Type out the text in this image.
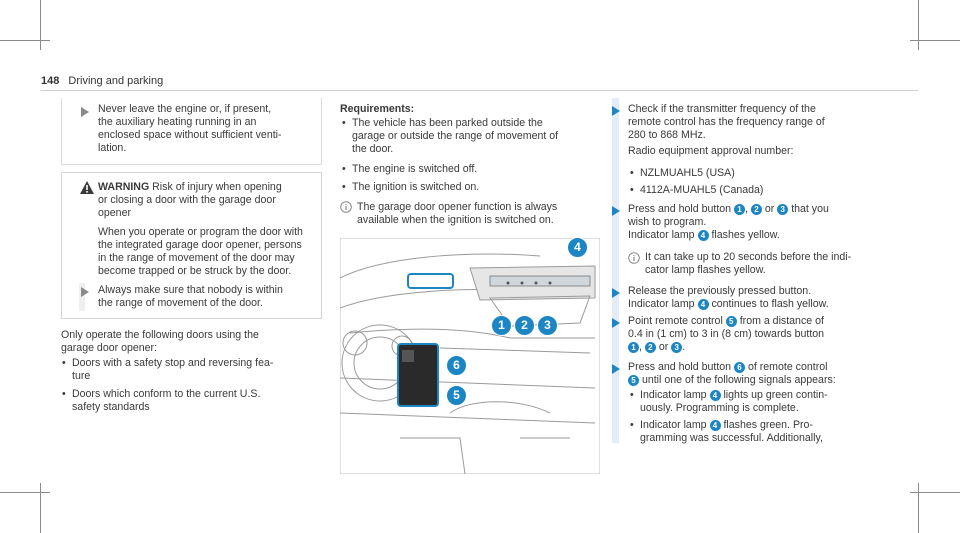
148 Driving and parking
Never leave the engine or, if present,
the auxiliary heating running in an
enclosed space without sufficient venti-
lation.
WARNING Risk of injury when opening
or closing a door with the garage door
opener
When you operate or program the door with
the integrated garage door opener, persons
in the range of movement of the door may
become trapped or be struck by the door.
Always make sure that nobody is within
the range of movement of the door.
Only operate the following doors using the
garage door opener:
• Doors with a safety stop and reversing fea-
ture
• Doors which conform to the current U.S.
safety standards
Requirements:
• The vehicle has been parked outside the
garage or outside the range of movement of
the door.
• The engine is switched off.
• The ignition is switched on.
The garage door opener function is always
available when the ignition is switched on.
4
1	2	3
6
5
Check if the transmitter frequency of the
remote control has the frequency range of
280 to 868 MHz.
Radio equipment approval number:
• NZLMUAHL5 (USA)
• 4112A-MUAHL5 (Canada)
Press and hold button 1 , 2 or 3 that you
wish to program.
Indicator lamp 4 flashes yellow.
It can take up to 20 seconds before the indi-
cator lamp flashes yellow.
Release the previously pressed button.
Indicator lamp 4 continues to flash yellow.
Point remote control 5 from a distance of
0.4 in (1 cm) to 3 in (8 cm) towards button
1 , 2 or 3 .
Press and hold button 6 of remote control
5 until one of the following signals appears:
• Indicator lamp 4 lights up green contin-
uously. Programming is complete.
• Indicator lamp 4 flashes green. Pro-
gramming was successful. Additionally,
